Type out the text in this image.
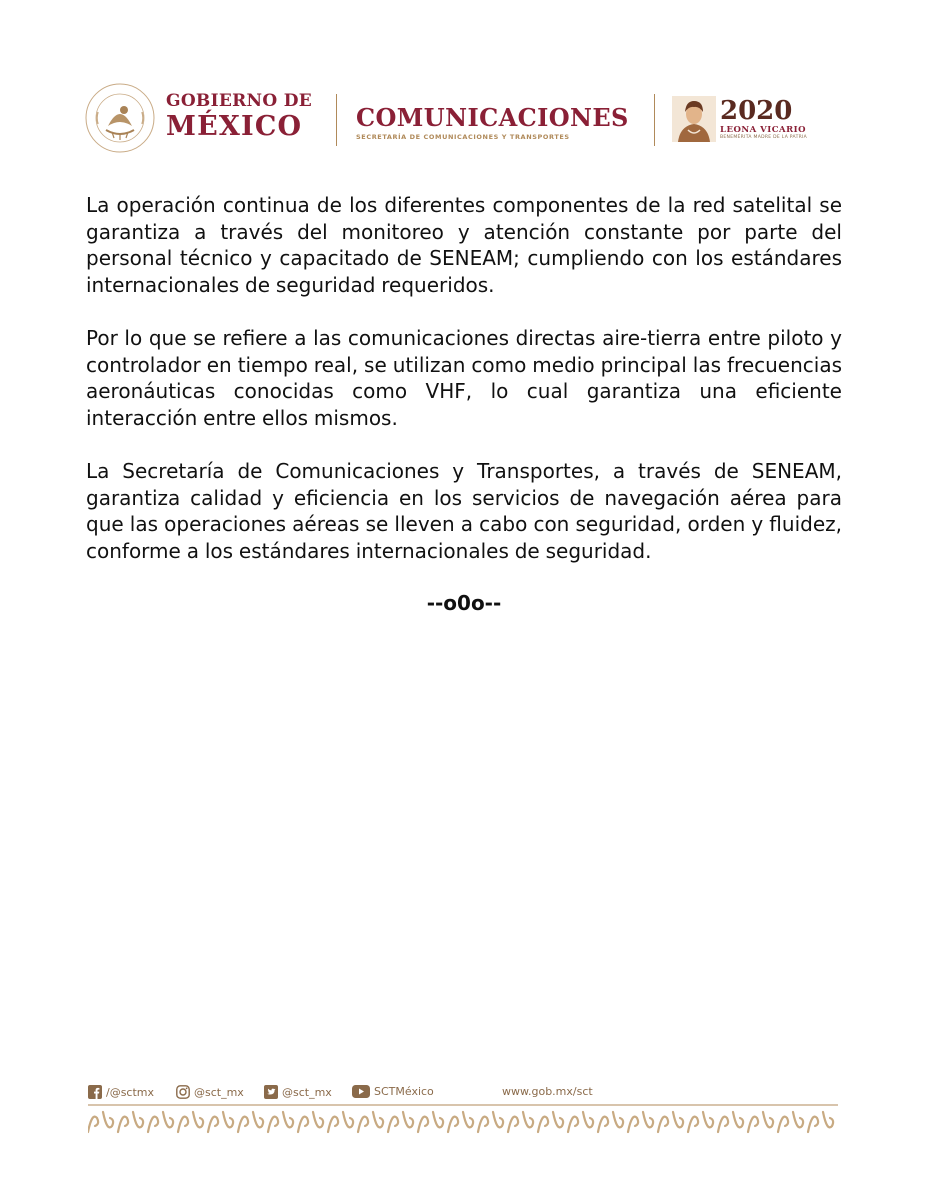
GOBIERNO DE
MÉXICO	COMUNICACIONES
SECRETARÍA DE COMUNICACIONES Y TRANSPORTES
2020
LEONA VICARIO
BENEMÉRITA MADRE DE LA PATRIA

La operación continua de los diferentes componentes de la red satelital se garantiza a través del monitoreo y atención constante por parte del personal técnico y capacitado de SENEAM; cumpliendo con los estándares internacionales de seguridad requeridos.

Por lo que se refiere a las comunicaciones directas aire-tierra entre piloto y controlador en tiempo real, se utilizan como medio principal las frecuencias aeronáuticas conocidas como VHF, lo cual garantiza una eficiente interacción entre ellos mismos.

La Secretaría de Comunicaciones y Transportes, a través de SENEAM, garantiza calidad y eficiencia en los servicios de navegación aérea para que las operaciones aéreas se lleven a cabo con seguridad, orden y fluidez, conforme a los estándares internacionales de seguridad.

--o0o--
/@sctmx	@sct_mx	@sct_mx	SCTMéxico	www.gob.mx/sct
